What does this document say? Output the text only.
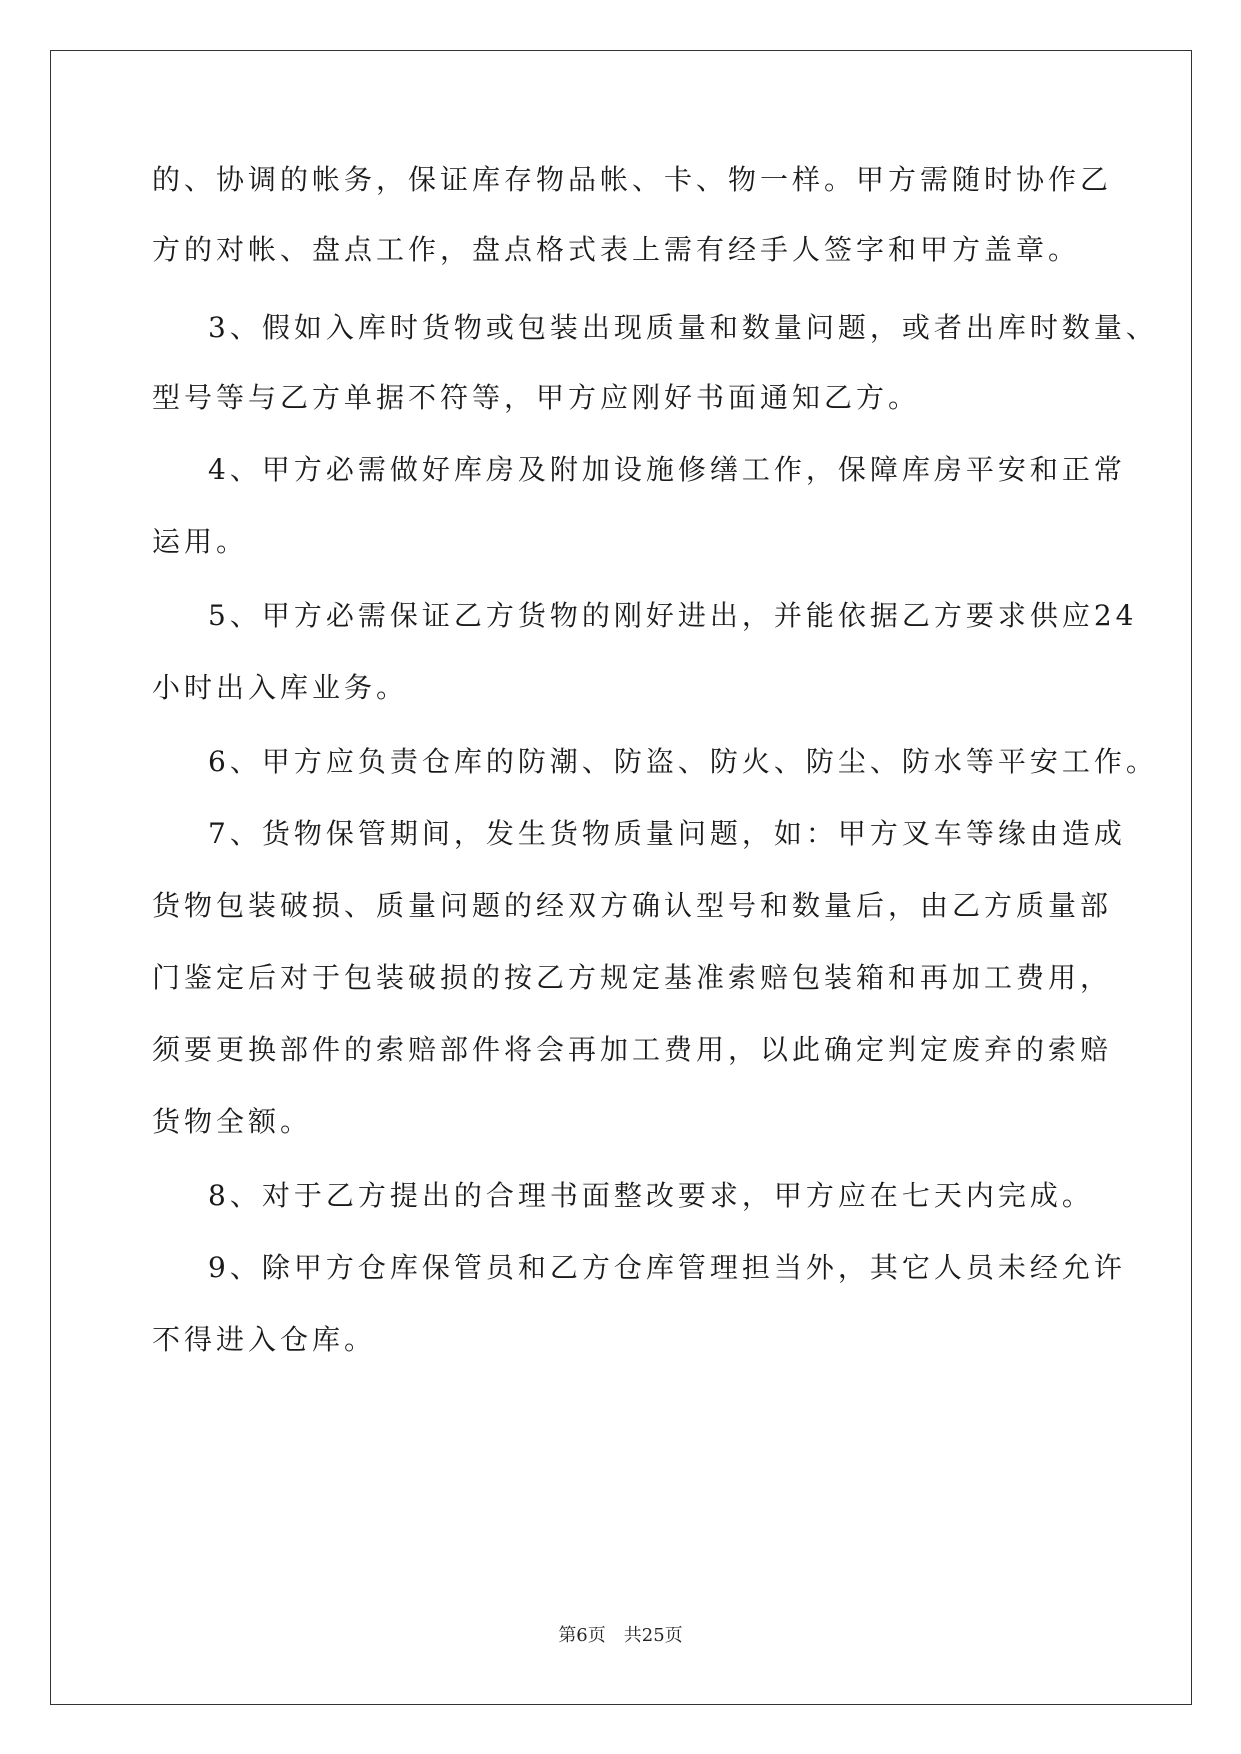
的、协调的帐务，保证库存物品帐、卡、物一样。甲方需随时协作乙
方的对帐、盘点工作，盘点格式表上需有经手人签字和甲方盖章。
3、假如入库时货物或包装出现质量和数量问题，或者出库时数量、
型号等与乙方单据不符等，甲方应刚好书面通知乙方。
4、甲方必需做好库房及附加设施修缮工作，保障库房平安和正常
运用。
5、甲方必需保证乙方货物的刚好进出，并能依据乙方要求供应24
小时出入库业务。
6、甲方应负责仓库的防潮、防盗、防火、防尘、防水等平安工作。
7、货物保管期间，发生货物质量问题，如：甲方叉车等缘由造成
货物包装破损、质量问题的经双方确认型号和数量后，由乙方质量部
门鉴定后对于包装破损的按乙方规定基准索赔包装箱和再加工费用，
须要更换部件的索赔部件将会再加工费用，以此确定判定废弃的索赔
货物全额。
8、对于乙方提出的合理书面整改要求，甲方应在七天内完成。
9、除甲方仓库保管员和乙方仓库管理担当外，其它人员未经允许
不得进入仓库。
第6页　共25页
